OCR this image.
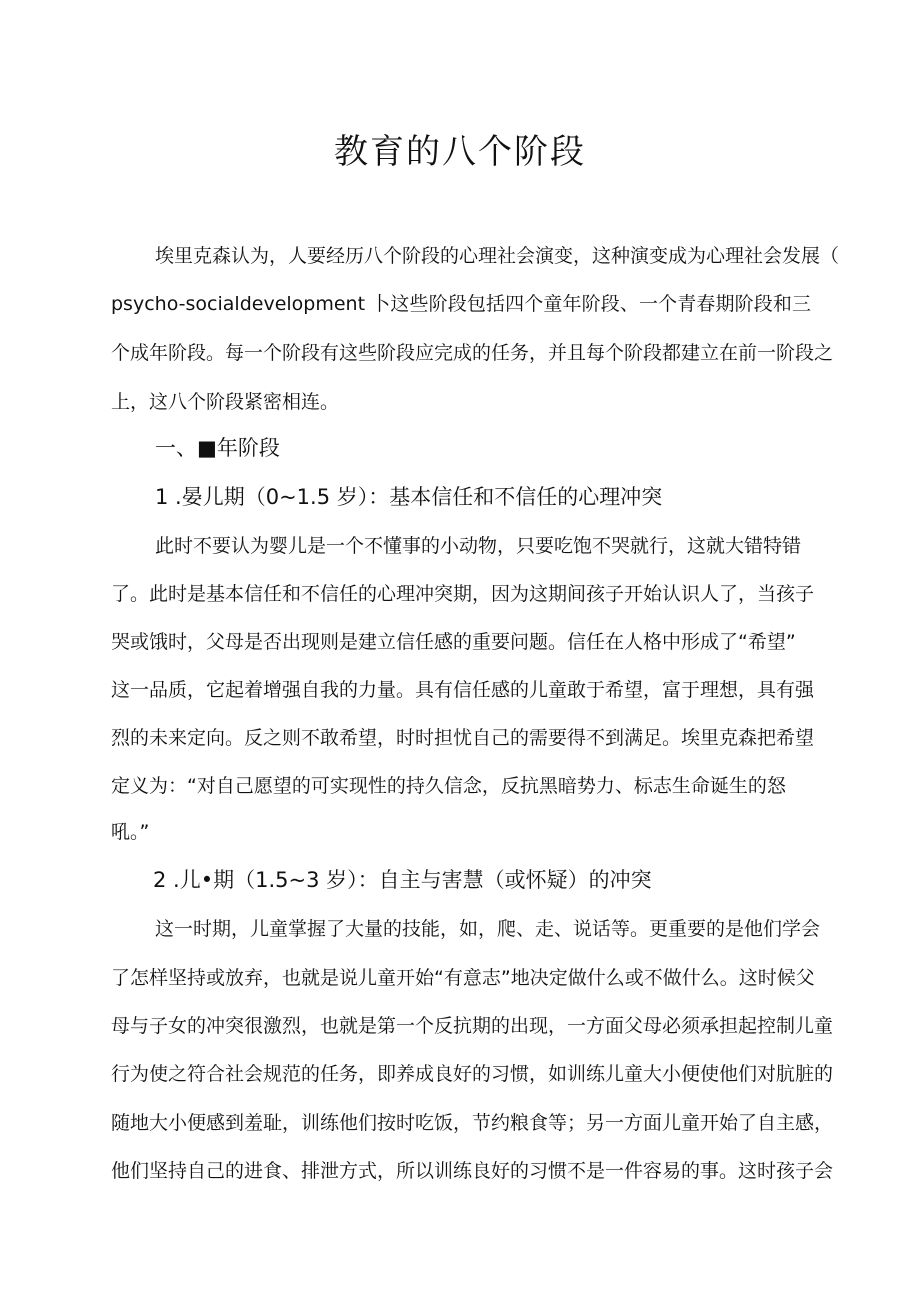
教育的八个阶段

埃里克森认为，人要经历八个阶段的心理社会演变，这种演变成为心理社会发展（

psycho-socialdevelopment 卜这些阶段包括四个童年阶段、一个青春期阶段和三

个成年阶段。每一个阶段有这些阶段应完成的任务，并且每个阶段都建立在前一阶段之

上，这八个阶段紧密相连。

一、■年阶段

1 .晏儿期（0~1.5 岁）：基本信任和不信任的心理冲突

此时不要认为婴儿是一个不懂事的小动物，只要吃饱不哭就行，这就大错特错

了。此时是基本信任和不信任的心理冲突期，因为这期间孩子开始认识人了，当孩子

哭或饿时，父母是否出现则是建立信任感的重要问题。信任在人格中形成了“希望”

这一品质，它起着增强自我的力量。具有信任感的儿童敢于希望，富于理想，具有强

烈的未来定向。反之则不敢希望，时时担忧自己的需要得不到满足。埃里克森把希望

定义为：“对自己愿望的可实现性的持久信念，反抗黑暗势力、标志生命诞生的怒

吼。”

2 .儿•期（1.5~3 岁）：自主与害慧（或怀疑）的冲突

这一时期，儿童掌握了大量的技能，如，爬、走、说话等。更重要的是他们学会

了怎样坚持或放弃，也就是说儿童开始“有意志”地决定做什么或不做什么。这时候父

母与子女的冲突很激烈，也就是第一个反抗期的出现，一方面父母必须承担起控制儿童

行为使之符合社会规范的任务，即养成良好的习惯，如训练儿童大小便使他们对肮脏的

随地大小便感到羞耻，训练他们按时吃饭，节约粮食等；另一方面儿童开始了自主感，

他们坚持自己的进食、排泄方式，所以训练良好的习惯不是一件容易的事。这时孩子会
